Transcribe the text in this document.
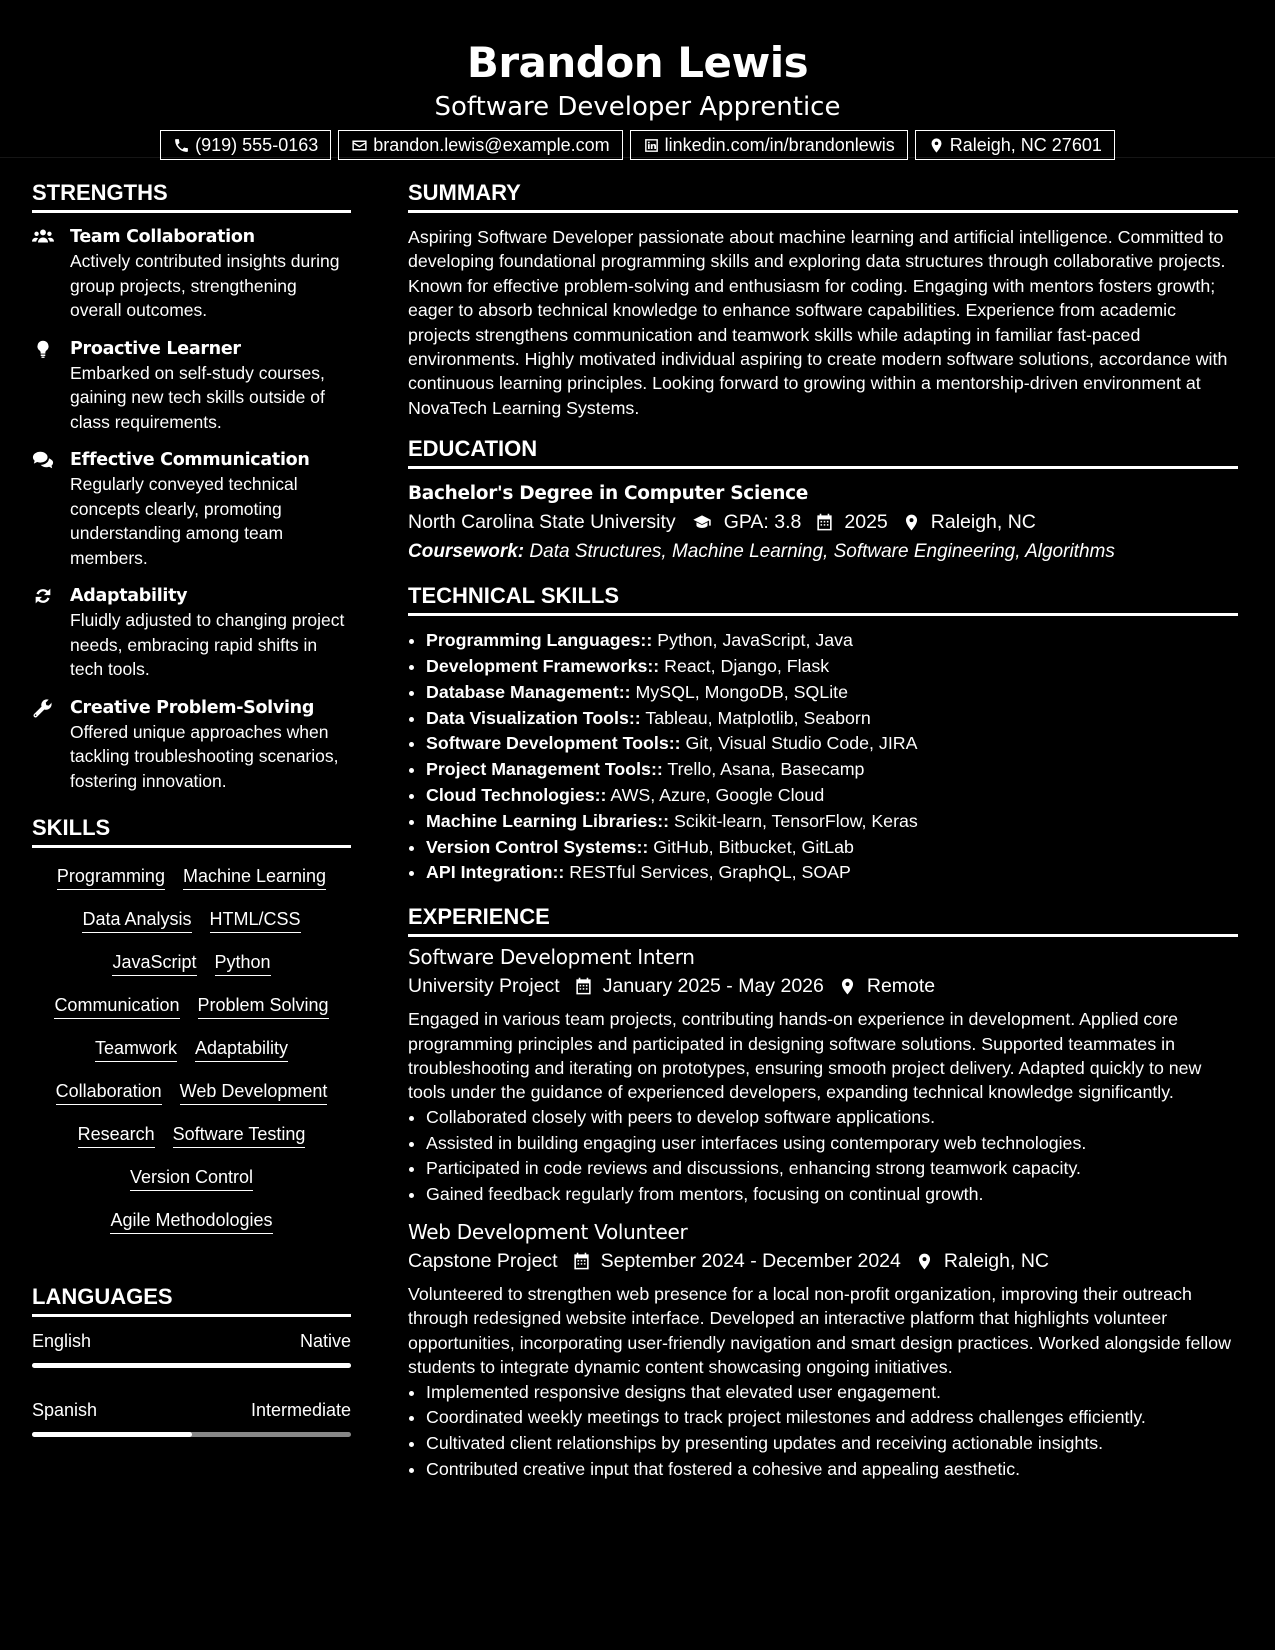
Brandon Lewis
Software Developer Apprentice
(919) 555-0163	brandon.lewis@example.com	linkedin.com/in/brandonlewis	Raleigh, NC 27601
STRENGTHS
Team Collaboration
Actively contributed insights during group projects, strengthening overall outcomes.
Proactive Learner
Embarked on self-study courses, gaining new tech skills outside of class requirements.
Effective Communication
Regularly conveyed technical concepts clearly, promoting understanding among team members.
Adaptability
Fluidly adjusted to changing project needs, embracing rapid shifts in tech tools.
Creative Problem-Solving
Offered unique approaches when tackling troubleshooting scenarios, fostering innovation.
SKILLS
Programming Machine Learning
Data Analysis HTML/CSS
JavaScript Python
Communication Problem Solving
Teamwork Adaptability
Collaboration Web Development
Research Software Testing
Version Control
Agile Methodologies
LANGUAGES
English	Native
Spanish	Intermediate
SUMMARY
Aspiring Software Developer passionate about machine learning and artificial intelligence. Committed to developing foundational programming skills and exploring data structures through collaborative projects. Known for effective problem-solving and enthusiasm for coding. Engaging with mentors fosters growth; eager to absorb technical knowledge to enhance software capabilities. Experience from academic projects strengthens communication and teamwork skills while adapting in familiar fast-paced environments. Highly motivated individual aspiring to create modern software solutions, accordance with continuous learning principles. Looking forward to growing within a mentorship-driven environment at NovaTech Learning Systems.
EDUCATION
Bachelor's Degree in Computer Science
North Carolina State University GPA: 3.8 2025 Raleigh, NC
Coursework: Data Structures, Machine Learning, Software Engineering, Algorithms
TECHNICAL SKILLS
• Programming Languages:: Python, JavaScript, Java
• Development Frameworks:: React, Django, Flask
• Database Management:: MySQL, MongoDB, SQLite
• Data Visualization Tools:: Tableau, Matplotlib, Seaborn
• Software Development Tools:: Git, Visual Studio Code, JIRA
• Project Management Tools:: Trello, Asana, Basecamp
• Cloud Technologies:: AWS, Azure, Google Cloud
• Machine Learning Libraries:: Scikit-learn, TensorFlow, Keras
• Version Control Systems:: GitHub, Bitbucket, GitLab
• API Integration:: RESTful Services, GraphQL, SOAP
EXPERIENCE
Software Development Intern
University Project January 2025 - May 2026 Remote
Engaged in various team projects, contributing hands-on experience in development. Applied core programming principles and participated in designing software solutions. Supported teammates in troubleshooting and iterating on prototypes, ensuring smooth project delivery. Adapted quickly to new tools under the guidance of experienced developers, expanding technical knowledge significantly.
• Collaborated closely with peers to develop software applications.
• Assisted in building engaging user interfaces using contemporary web technologies.
• Participated in code reviews and discussions, enhancing strong teamwork capacity.
• Gained feedback regularly from mentors, focusing on continual growth.
Web Development Volunteer
Capstone Project September 2024 - December 2024 Raleigh, NC
Volunteered to strengthen web presence for a local non-profit organization, improving their outreach through redesigned website interface. Developed an interactive platform that highlights volunteer opportunities, incorporating user-friendly navigation and smart design practices. Worked alongside fellow students to integrate dynamic content showcasing ongoing initiatives.
• Implemented responsive designs that elevated user engagement.
• Coordinated weekly meetings to track project milestones and address challenges efficiently.
• Cultivated client relationships by presenting updates and receiving actionable insights.
• Contributed creative input that fostered a cohesive and appealing aesthetic.
